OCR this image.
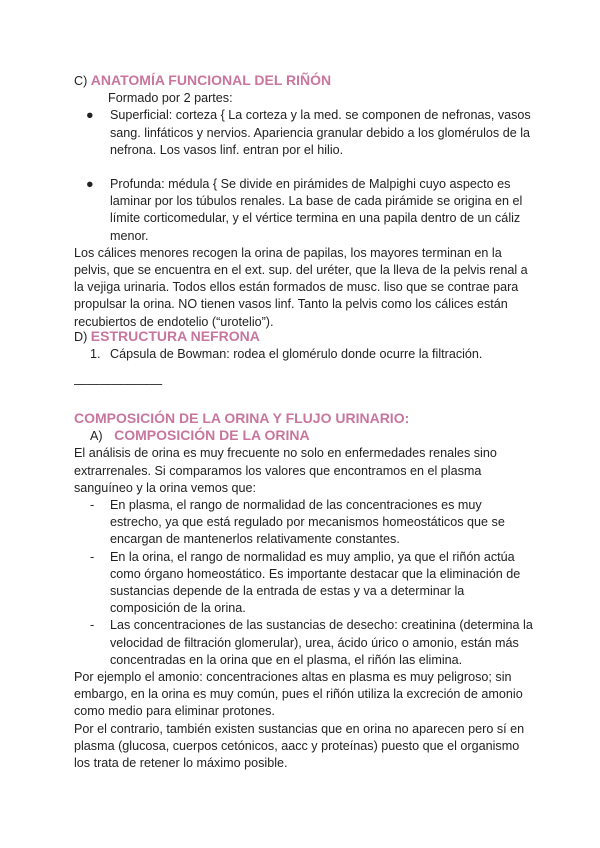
C) ANATOMÍA FUNCIONAL DEL RIÑÓN
Formado por 2 partes:
● Superficial: corteza { La corteza y la med. se componen de nefronas, vasos sang. linfáticos y nervios. Apariencia granular debido a los glomérulos de la nefrona. Los vasos linf. entran por el hilio.
● Profunda: médula { Se divide en pirámides de Malpighi cuyo aspecto es laminar por los túbulos renales. La base de cada pirámide se origina en el límite corticomedular, y el vértice termina en una papila dentro de un cáliz menor.

Los cálices menores recogen la orina de papilas, los mayores terminan en la pelvis, que se encuentra en el ext. sup. del uréter, que la lleva de la pelvis renal a la vejiga urinaria. Todos ellos están formados de musc. liso que se contrae para propulsar la orina. NO tienen vasos linf. Tanto la pelvis como los cálices están recubiertos de endotelio (“urotelio”).

D) ESTRUCTURA NEFRONA
1. Cápsula de Bowman: rodea el glomérulo donde ocurre la filtración.
———————
COMPOSICIÓN DE LA ORINA Y FLUJO URINARIO:
A) COMPOSICIÓN DE LA ORINA

El análisis de orina es muy frecuente no solo en enfermedades renales sino extrarrenales. Si comparamos los valores que encontramos en el plasma sanguíneo y la orina vemos que:

- En plasma, el rango de normalidad de las concentraciones es muy estrecho, ya que está regulado por mecanismos homeostáticos que se encargan de mantenerlos relativamente constantes.
- En la orina, el rango de normalidad es muy amplio, ya que el riñón actúa como órgano homeostático. Es importante destacar que la eliminación de sustancias depende de la entrada de estas y va a determinar la composición de la orina.
- Las concentraciones de las sustancias de desecho: creatinina (determina la velocidad de filtración glomerular), urea, ácido úrico o amonio, están más concentradas en la orina que en el plasma, el riñón las elimina.

Por ejemplo el amonio: concentraciones altas en plasma es muy peligroso; sin embargo, en la orina es muy común, pues el riñón utiliza la excreción de amonio como medio para eliminar protones.

Por el contrario, también existen sustancias que en orina no aparecen pero sí en plasma (glucosa, cuerpos cetónicos, aacc y proteínas) puesto que el organismo los trata de retener lo máximo posible.
